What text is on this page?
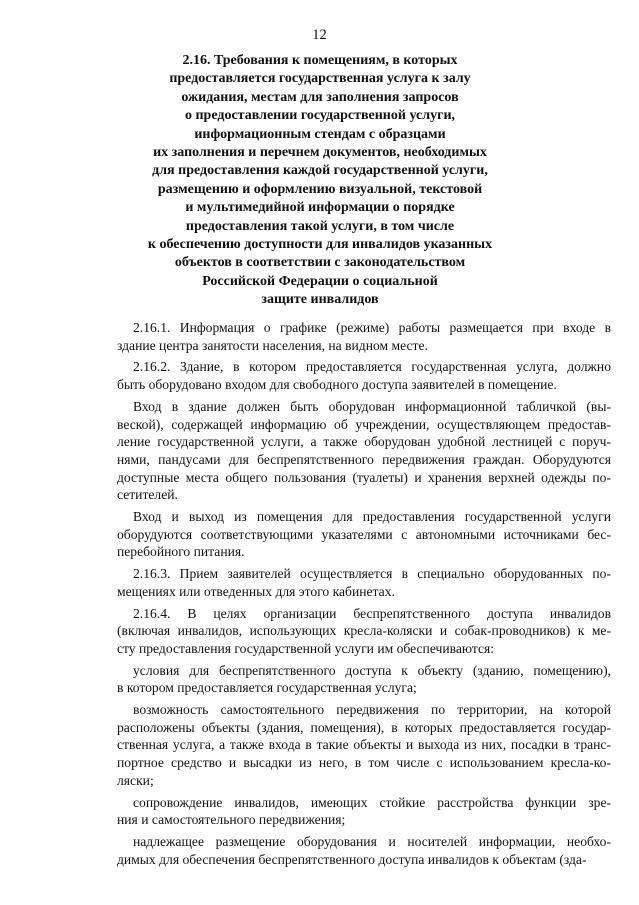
12
2.16. Требования к помещениям, в которых
предоставляется государственная услуга к залу
ожидания, местам для заполнения запросов
о предоставлении государственной услуги,
информационным стендам с образцами
их заполнения и перечнем документов, необходимых
для предоставления каждой государственной услуги,
размещению и оформлению визуальной, текстовой
и мультимедийной информации о порядке
предоставления такой услуги, в том числе
к обеспечению доступности для инвалидов указанных
объектов в соответствии с законодательством
Российской Федерации о социальной
защите инвалидов
2.16.1. Информация о графике (режиме) работы размещается при входе в
здание центра занятости населения, на видном месте.
2.16.2. Здание, в котором предоставляется государственная услуга, должно
быть оборудовано входом для свободного доступа заявителей в помещение.
Вход в здание должен быть оборудован информационной табличкой (вы-
веской), содержащей информацию об учреждении, осуществляющем предостав-
ление государственной услуги, а также оборудован удобной лестницей с поруч-
нями, пандусами для беспрепятственного передвижения граждан. Оборудуются
доступные места общего пользования (туалеты) и хранения верхней одежды по-
сетителей.
Вход и выход из помещения для предоставления государственной услуги
оборудуются соответствующими указателями с автономными источниками бес-
перебойного питания.
2.16.3. Прием заявителей осуществляется в специально оборудованных по-
мещениях или отведенных для этого кабинетах.
2.16.4. В целях организации беспрепятственного доступа инвалидов
(включая инвалидов, использующих кресла-коляски и собак-проводников) к ме-
сту предоставления государственной услуги им обеспечиваются:
условия для беспрепятственного доступа к объекту (зданию, помещению),
в котором предоставляется государственная услуга;
возможность самостоятельного передвижения по территории, на которой
расположены объекты (здания, помещения), в которых предоставляется государ-
ственная услуга, а также входа в такие объекты и выхода из них, посадки в транс-
портное средство и высадки из него, в том числе с использованием кресла-ко-
ляски;
сопровождение инвалидов, имеющих стойкие расстройства функции зре-
ния и самостоятельного передвижения;
надлежащее размещение оборудования и носителей информации, необхо-
димых для обеспечения беспрепятственного доступа инвалидов к объектам (зда-
